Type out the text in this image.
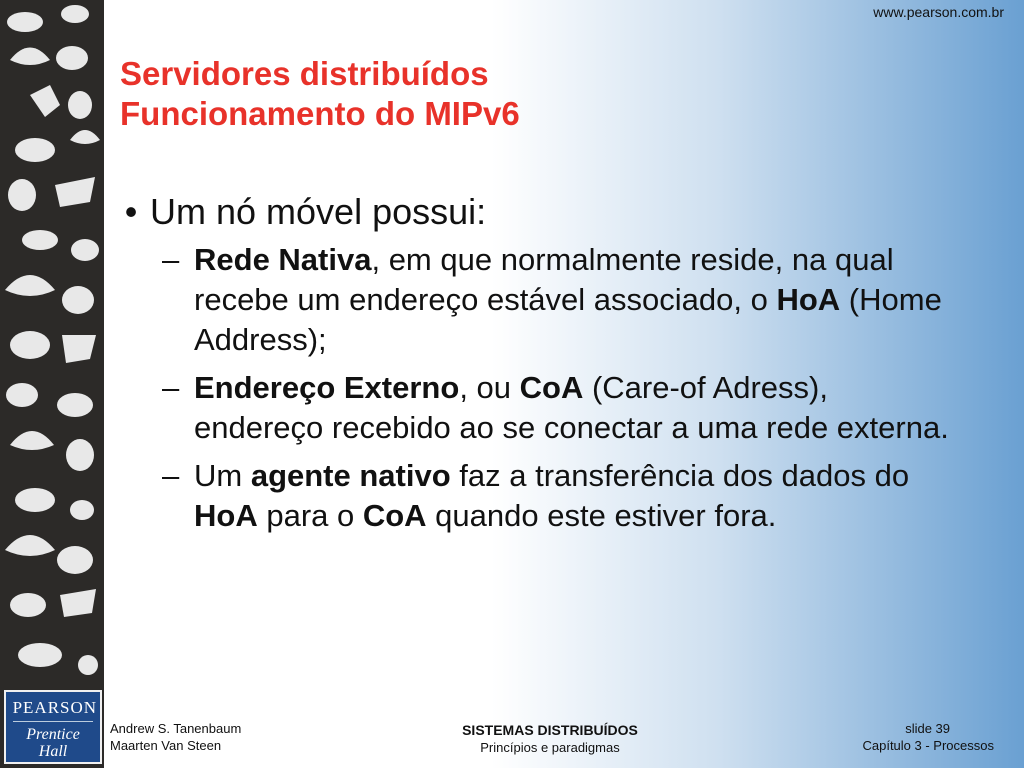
www.pearson.com.br
Servidores distribuídos
Funcionamento do MIPv6
• Um nó móvel possui:
– Rede Nativa, em que normalmente reside, na qual recebe um endereço estável associado, o HoA (Home Address);
– Endereço Externo, ou CoA (Care-of Adress), endereço recebido ao se conectar a uma rede externa.
– Um agente nativo faz a transferência dos dados do HoA para o CoA quando este estiver fora.
PEARSON
Prentice
Hall
Andrew S. Tanenbaum
Maarten Van Steen
SISTEMAS DISTRIBUÍDOS
Princípios e paradigmas
slide 39
Capítulo 3 - Processos
